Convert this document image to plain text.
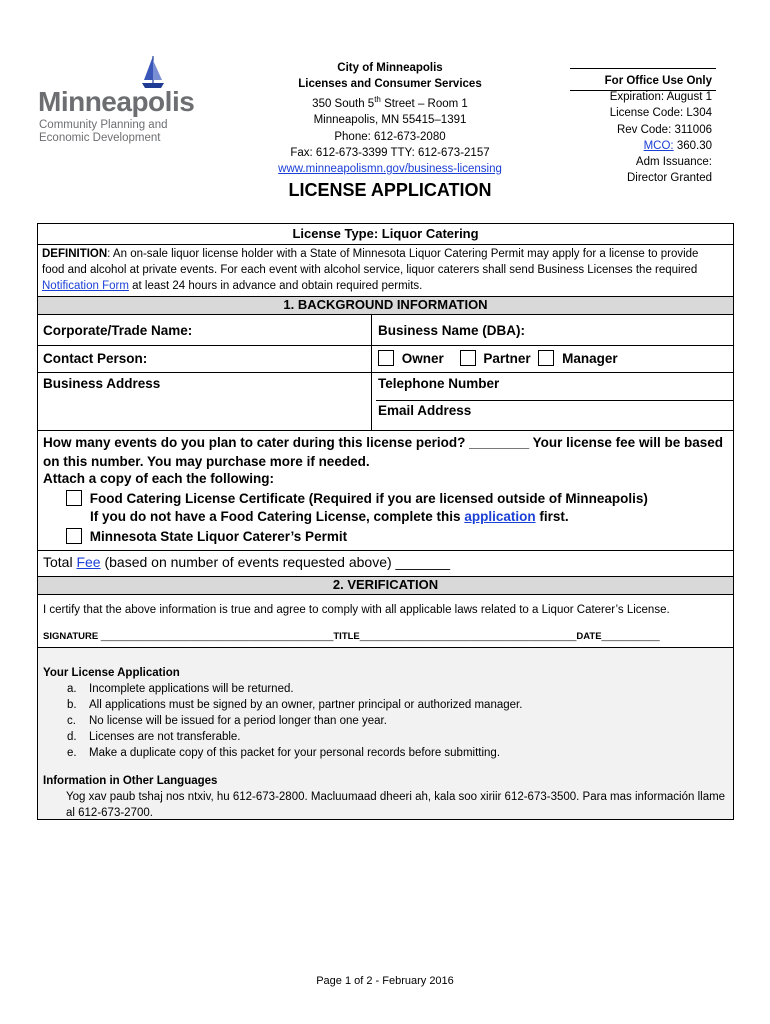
Minneapolis
Community Planning and
Economic Development
City of Minneapolis
Licenses and Consumer Services
350 South 5th Street – Room 1
Minneapolis, MN 55415–1391
Phone: 612-673-2080
Fax: 612-673-3399 TTY: 612-673-2157
www.minneapolismn.gov/business-licensing
For Office Use Only
Expiration: August 1
License Code: L304
Rev Code: 311006
MCO: 360.30
Adm Issuance:
Director Granted
LICENSE APPLICATION
License Type: Liquor Catering
DEFINITION: An on-sale liquor license holder with a State of Minnesota Liquor Catering Permit may apply for a license to provide
food and alcohol at private events. For each event with alcohol service, liquor caterers shall send Business Licenses the required
Notification Form at least 24 hours in advance and obtain required permits.
1. BACKGROUND INFORMATION
Corporate/Trade Name:	Business Name (DBA):
Contact Person:	Owner	Partner Manager
Business Address	Telephone Number
Email Address
How many events do you plan to cater during this license period? ________ Your license fee will be based
on this number. You may purchase more if needed.
Attach a copy of each the following:
Food Catering License Certificate (Required if you are licensed outside of Minneapolis)
If you do not have a Food Catering License, complete this application first.
Minnesota State Liquor Caterer’s Permit
Total Fee (based on number of events requested above) _______
2. VERIFICATION
I certify that the above information is true and agree to comply with all applicable laws related to a Liquor Caterer’s License.
SIGNATURE ____________________________________________TITLE_________________________________________DATE___________
Your License Application
a. Incomplete applications will be returned.
b. All applications must be signed by an owner, partner principal or authorized manager.
c. No license will be issued for a period longer than one year.
d. Licenses are not transferable.
e. Make a duplicate copy of this packet for your personal records before submitting.
Information in Other Languages
Yog xav paub tshaj nos ntxiv, hu 612-673-2800. Macluumaad dheeri ah, kala soo xiriir 612-673-3500. Para mas información llame
al 612-673-2700.
Page 1 of 2 - February 2016
